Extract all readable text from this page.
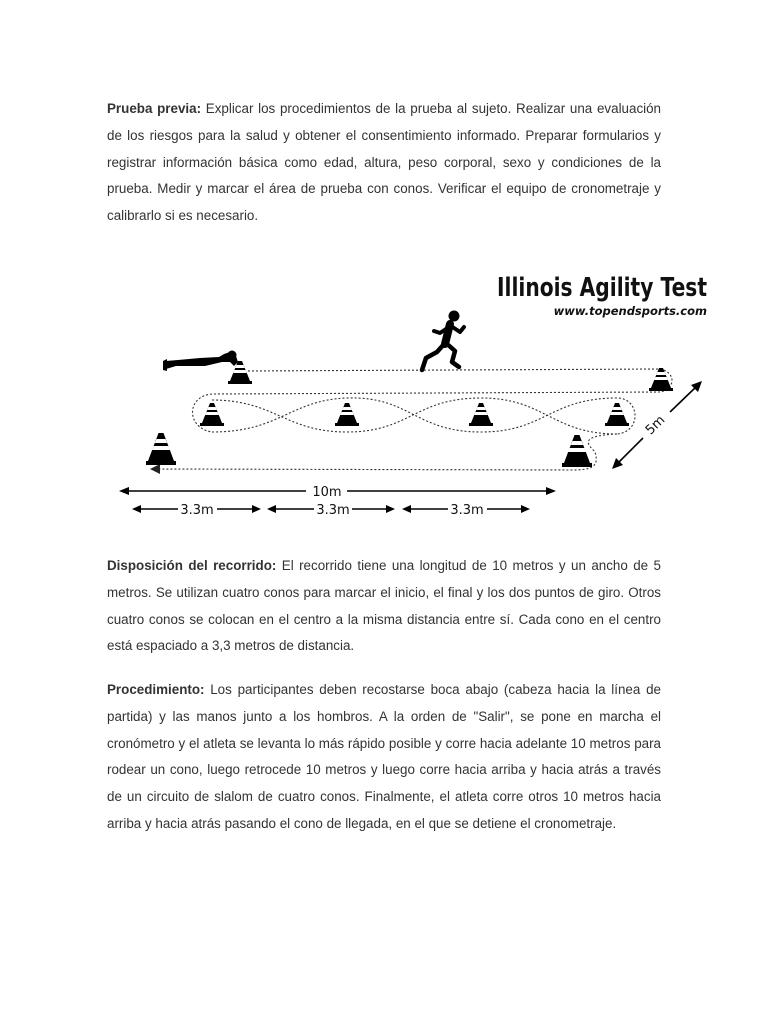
Prueba previa: Explicar los procedimientos de la prueba al sujeto. Realizar una evaluación de los riesgos para la salud y obtener el consentimiento informado. Preparar formularios y registrar información básica como edad, altura, peso corporal, sexo y condiciones de la prueba. Medir y marcar el área de prueba con conos. Verificar el equipo de cronometraje y calibrarlo si es necesario.

Illinois Agility Test
www.topendsports.com
10m
3.3m	3.3m	3.3m
5m

Disposición del recorrido: El recorrido tiene una longitud de 10 metros y un ancho de 5 metros. Se utilizan cuatro conos para marcar el inicio, el final y los dos puntos de giro. Otros cuatro conos se colocan en el centro a la misma distancia entre sí. Cada cono en el centro está espaciado a 3,3 metros de distancia.

Procedimiento: Los participantes deben recostarse boca abajo (cabeza hacia la línea de partida) y las manos junto a los hombros. A la orden de "Salir", se pone en marcha el cronómetro y el atleta se levanta lo más rápido posible y corre hacia adelante 10 metros para rodear un cono, luego retrocede 10 metros y luego corre hacia arriba y hacia atrás a través de un circuito de slalom de cuatro conos. Finalmente, el atleta corre otros 10 metros hacia arriba y hacia atrás pasando el cono de llegada, en el que se detiene el cronometraje.
